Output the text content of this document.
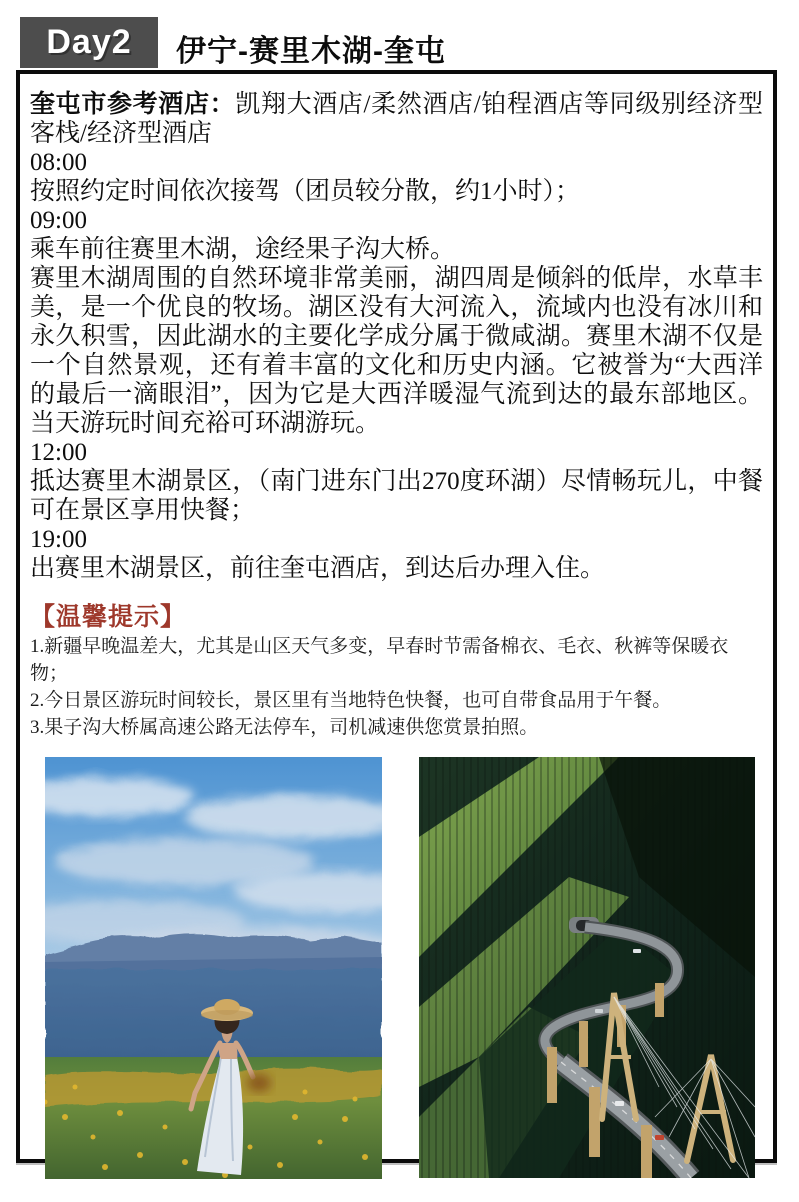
Day2 伊宁-赛里木湖-奎屯

奎屯市参考酒店：凯翔大酒店/柔然酒店/铂程酒店等同级别经济型客栈/经济型酒店

08:00

按照约定时间依次接驾（团员较分散，约1小时）；

09:00

乘车前往赛里木湖，途经果子沟大桥。

赛里木湖周围的自然环境非常美丽，湖四周是倾斜的低岸，水草丰美，是一个优良的牧场。湖区没有大河流入，流域内也没有冰川和永久积雪，因此湖水的主要化学成分属于微咸湖。赛里木湖不仅是一个自然景观，还有着丰富的文化和历史内涵。它被誉为“大西洋的最后一滴眼泪”，因为它是大西洋暖湿气流到达的最东部地区。当天游玩时间充裕可环湖游玩。

12:00

抵达赛里木湖景区，（南门进东门出270度环湖）尽情畅玩儿，中餐可在景区享用快餐；

19:00

出赛里木湖景区，前往奎屯酒店，到达后办理入住。

【温馨提示】

1.新疆早晚温差大，尤其是山区天气多变，早春时节需备棉衣、毛衣、秋裤等保暖衣物；

2.今日景区游玩时间较长，景区里有当地特色快餐，也可自带食品用于午餐。

3.果子沟大桥属高速公路无法停车，司机减速供您赏景拍照。
